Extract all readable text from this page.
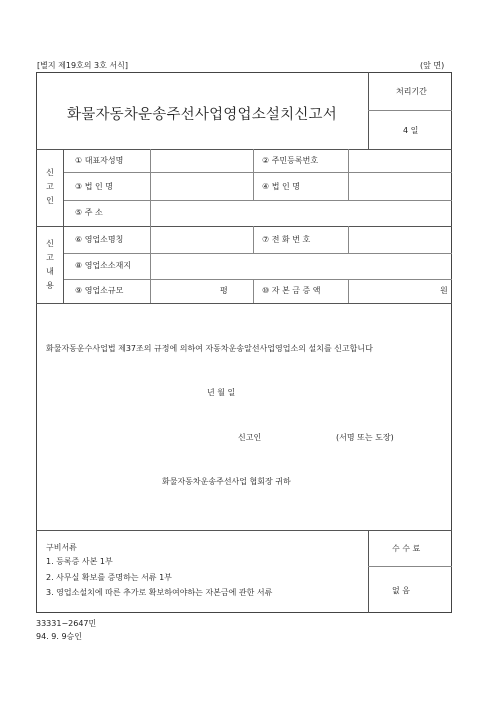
[별지 제19호의 3호 서식]	(앞 면)
화물자동차운송주선사업영업소설치신고서
처리기간
4 일
신
고
인
① 대표자성명	② 주민등록번호
③ 법 인 명	④ 법 인 명
⑤ 주 소
신
고
내
용
⑥ 영업소명칭	⑦ 전 화 번 호
⑧ 영업소소재지
⑨ 영업소규모	평	⑩ 자 본 금 증 액	원
화물자동운수사업법 제37조의 규정에 의하여 자동차운송알선사업영업소의 설치를 신고합니다
년 월 일
신고인	(서명 또는 도장)
화물자동차운송주선사업 협회장 귀하
구비서류
1. 등록증 사본 1부
2. 사무실 확보를 증명하는 서류 1부
3. 영업소설치에 따른 추가로 확보하여야하는 자본금에 관한 서류
수 수 료
없 음
33331−2647민
94. 9. 9승인
